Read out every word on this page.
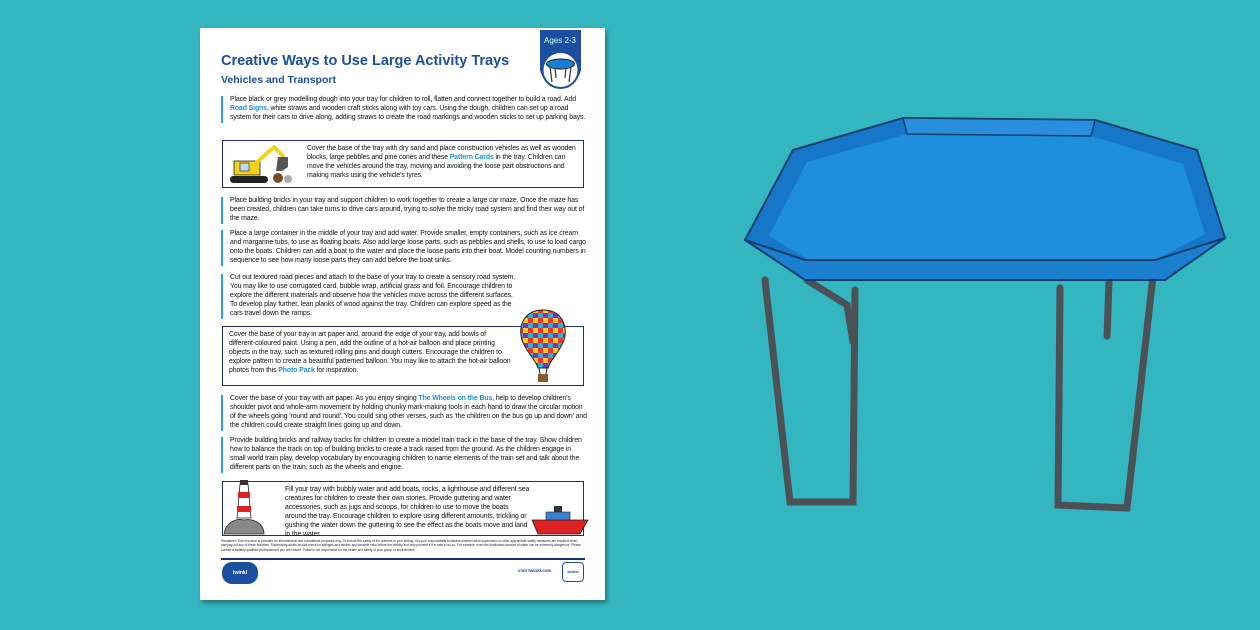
Creative Ways to Use Large Activity Trays
Vehicles and Transport
Ages 2-3
Place black or grey modelling dough into your tray for children to roll, flatten and connect together to build a road. Add Road Signs, white straws and wooden craft sticks along with toy cars. Using the dough, children can set up a road system for their cars to drive along, adding straws to create the road markings and wooden sticks to set up parking bays.
Cover the base of the tray with dry sand and place construction vehicles as well as wooden blocks, large pebbles and pine cones and these Pattern Cards in the tray. Children can move the vehicles around the tray, moving and avoiding the loose part obstructions and making marks using the vehicle's tyres.
Place building bricks in your tray and support children to work together to create a large car maze. Once the maze has been created, children can take turns to drive cars around, trying to solve the tricky road system and find their way out of the maze.
Place a large container in the middle of your tray and add water. Provide smaller, empty containers, such as ice cream and margarine tubs, to use as floating boats. Also add large loose parts, such as pebbles and shells, to use to load cargo onto the boats. Children can add a boat to the water and place the loose parts into their boat. Model counting numbers in sequence to see how many loose parts they can add before the boat sinks.
Cut out textured road pieces and attach to the base of your tray to create a sensory road system. You may like to use corrugated card, bubble wrap, artificial grass and foil. Encourage children to explore the different materials and observe how the vehicles move across the different surfaces. To develop play further, lean planks of wood against the tray. Children can explore speed as the cars travel down the ramps.
Cover the base of your tray in art paper and, around the edge of your tray, add bowls of different-coloured paint. Using a pen, add the outline of a hot-air balloon and place printing objects in the tray, such as textured rolling pins and dough cutters. Encourage the children to explore pattern to create a beautiful patterned balloon. You may like to attach the hot-air balloon photos from this Photo Pack for inspiration.
Cover the base of your tray with art paper. As you enjoy singing The Wheels on the Bus, help to develop children's shoulder pivot and whole-arm movement by holding chunky mark-making tools in each hand to draw the circular motion of the wheels going 'round and round'. You could sing other verses, such as 'the children on the bus go up and down' and the children could create straight lines going up and down.
Provide building bricks and railway tracks for children to create a model train track in the base of the tray. Show children how to balance the track on top of building bricks to create a track raised from the ground. As the children engage in small world train play, develop vocabulary by encouraging children to name elements of the train set and talk about the different parts on the train, such as the wheels and engine.
Fill your tray with bubbly water and add boats, rocks, a lighthouse and different sea creatures for children to create their own stories. Provide guttering and water accessories, such as jugs and scoops, for children to use to move the boats around the tray. Encourage children to explore using different amounts, trickling or gushing the water down the guttering to see the effect as the boats move and land in the water.
Disclaimer: This resource is provided for informational and educational purposes only. To ensure the safety of the learners in your setting, it is your responsibility to assess whether adult supervision or other appropriate safety measures are required when carrying out any of these activities. Supervising adults should check for allergies and assess any possible risks before the activity and only proceed if it is safe to do so. For example, even the shallowest amount of water can be extremely dangerous. Please contact a suitably qualified professional if you are unsure. Twinkl is not responsible for the health and safety of your group or environment.
twinkl foundations
visit twinkl.com	twinkl
